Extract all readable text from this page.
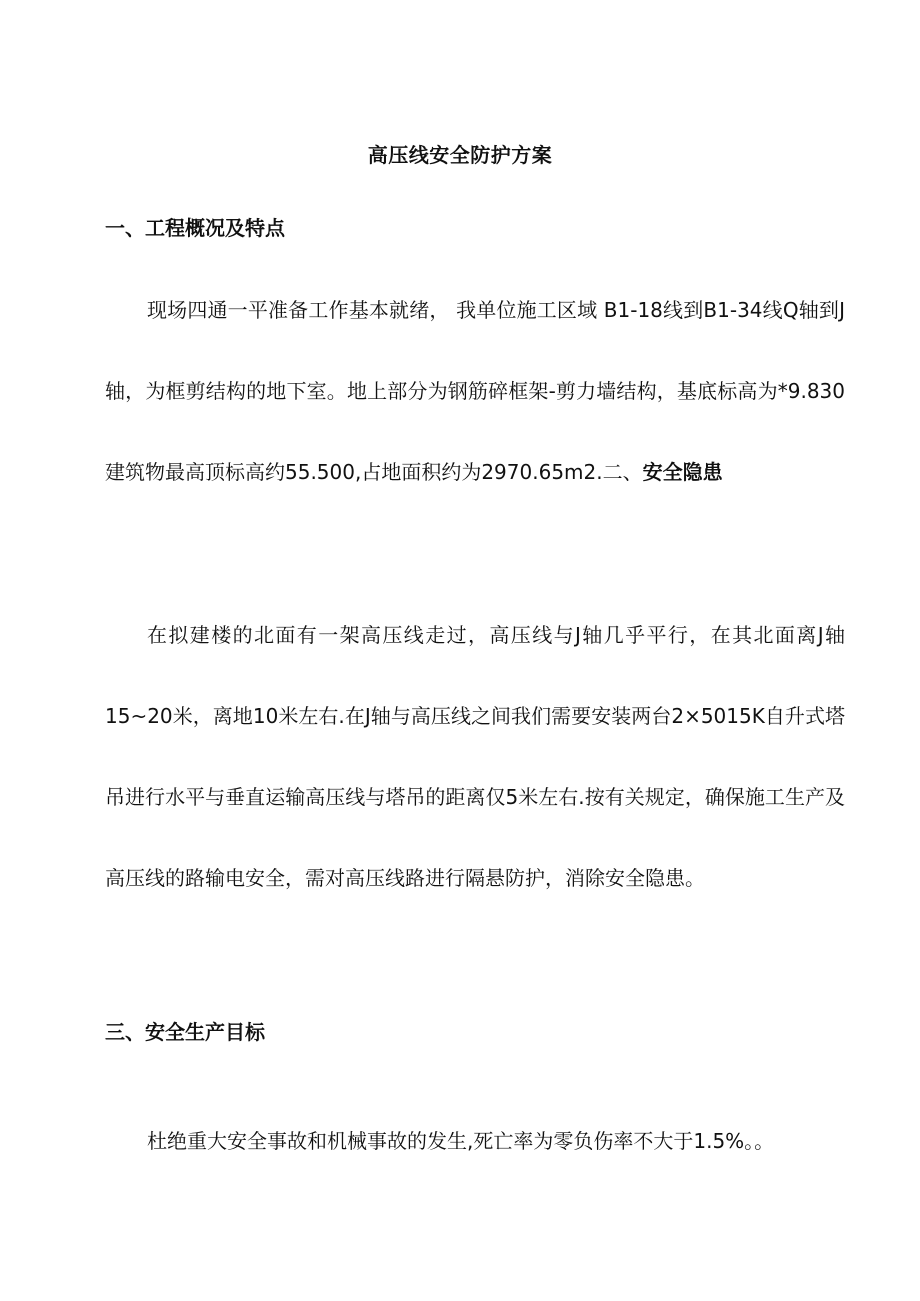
高压线安全防护方案
一、工程概况及特点
现场四通一平准备工作基本就绪， 我单位施工区域 B1-18线到B1-34线Q轴到J轴，为框剪结构的地下室。地上部分为钢筋碎框架-剪力墙结构，基底标高为*9.830建筑物最高顶标高约55.500,占地面积约为2970.65m2.二、安全隐患
在拟建楼的北面有一架高压线走过，高压线与J轴几乎平行，在其北面离J轴15~20米，离地10米左右.在J轴与高压线之间我们需要安装两台2×5015K自升式塔吊进行水平与垂直运输高压线与塔吊的距离仅5米左右.按有关规定，确保施工生产及高压线的路输电安全，需对高压线路进行隔悬防护，消除安全隐患。
三、安全生产目标
杜绝重大安全事故和机械事故的发生,死亡率为零负伤率不大于1.5%。。
